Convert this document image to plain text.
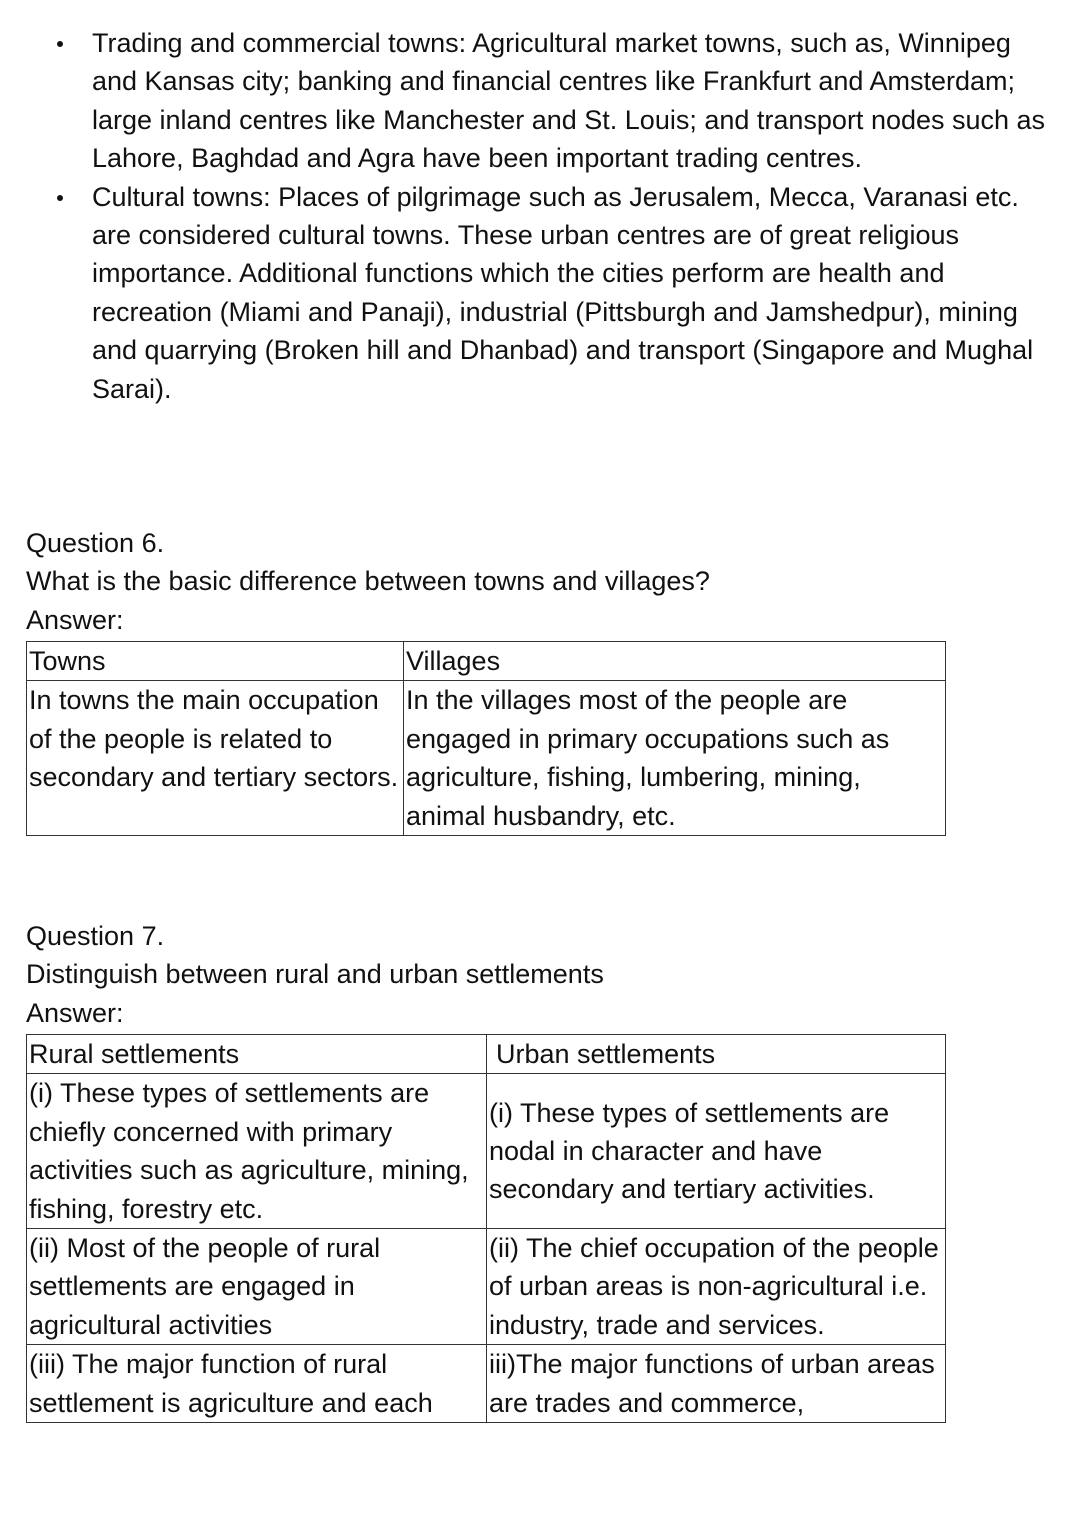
Trading and commercial towns: Agricultural market towns, such as, Winnipeg and Kansas city; banking and financial centres like Frankfurt and Amsterdam; large inland centres like Manchester and St. Louis; and transport nodes such as Lahore, Baghdad and Agra have been important trading centres.
Cultural towns: Places of pilgrimage such as Jerusalem, Mecca, Varanasi etc. are considered cultural towns. These urban centres are of great religious importance. Additional functions which the cities perform are health and recreation (Miami and Panaji), industrial (Pittsburgh and Jamshedpur), mining and quarrying (Broken hill and Dhanbad) and transport (Singapore and Mughal Sarai).

Question 6.

What is the basic difference between towns and villages?

Answer:

Towns	Villages
In towns the main occupation of the people is related to secondary and tertiary sectors.	In the villages most of the people are engaged in primary occupations such as agriculture, fishing, lumbering, mining, animal husbandry, etc.

Question 7.

Distinguish between rural and urban settlements

Answer:

Rural settlements	Urban settlements
(i) These types of settlements are chiefly concerned with primary activities such as agriculture, mining, fishing, forestry etc.	(i) These types of settlements are nodal in character and have secondary and tertiary activities.
(ii) Most of the people of rural settlements are engaged in agricultural activities	(ii) The chief occupation of the people of urban areas is non-agricultural i.e. industry, trade and services.
(iii) The major function of rural settlement is agriculture and each	iii)The major functions of urban areas are trades and commerce,
